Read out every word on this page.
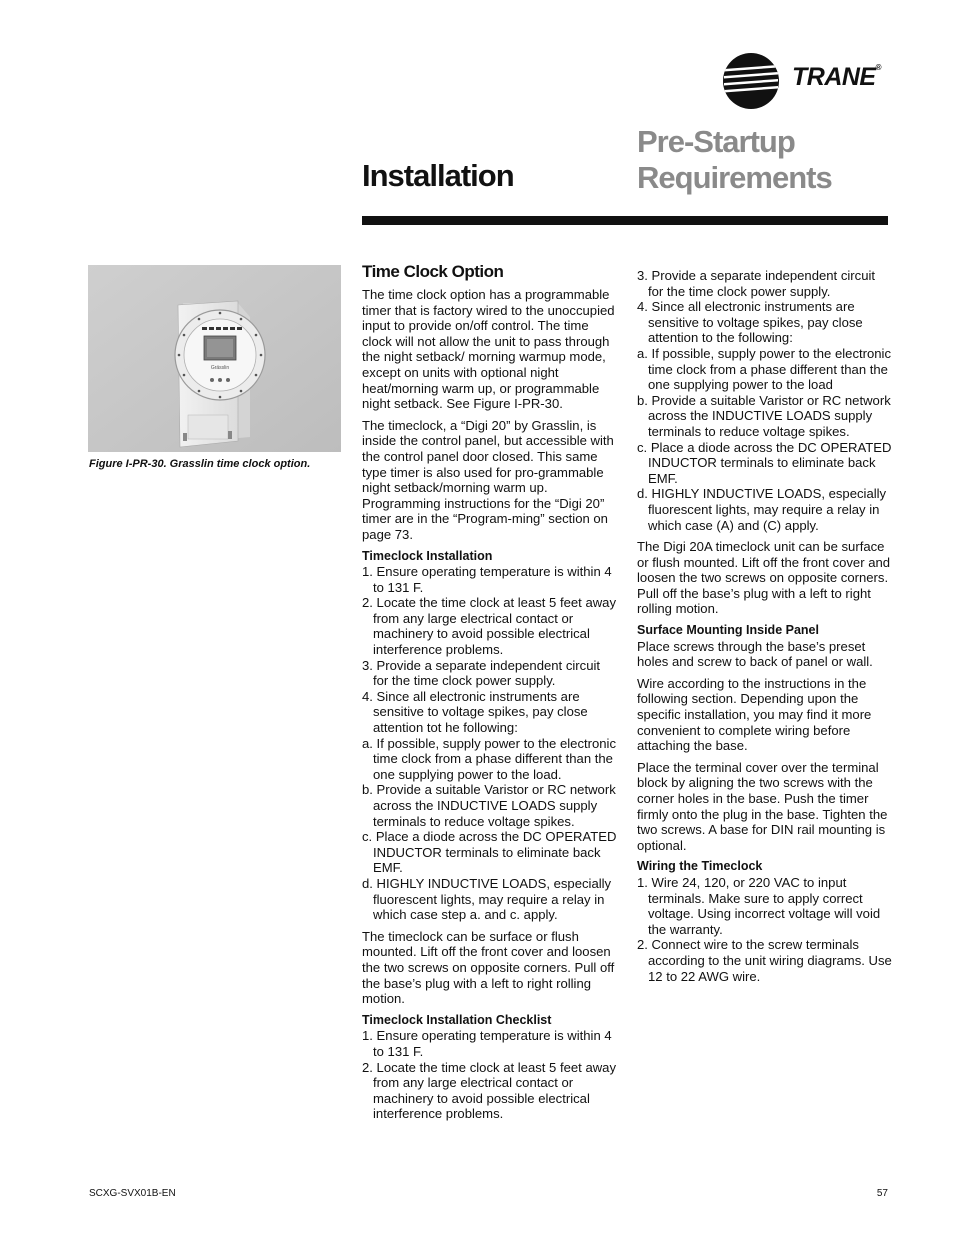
TRANE®
Installation
Pre-Startup
Requirements
Grässlin
Figure I-PR-30. Grasslin time clock option.
Time Clock Option

The time clock option has a programmable timer that is factory wired to the unoccupied input to provide on/off control. The time clock will not allow the unit to pass through the night setback/ morning warmup mode, except on units with optional night heat/morning warm up, or programmable night setback. See Figure I-PR-30.

The timeclock, a “Digi 20” by Grasslin, is inside the control panel, but accessible with the control panel door closed. This same type timer is also used for pro-grammable night setback/morning warm up. Programming instructions for the “Digi 20” timer are in the “Program-ming” section on page 73.

Timeclock Installation
1. Ensure operating temperature is within 4 to 131 F.
2. Locate the time clock at least 5 feet away from any large electrical contact or machinery to avoid possible electrical interference problems.
3. Provide a separate independent circuit for the time clock power supply.
4. Since all electronic instruments are sensitive to voltage spikes, pay close attention tot he following:
a. If possible, supply power to the electronic time clock from a phase different than the one supplying power to the load.
b. Provide a suitable Varistor or RC network across the INDUCTIVE LOADS supply terminals to reduce voltage spikes.
c. Place a diode across the DC OPERATED INDUCTOR terminals to eliminate back EMF.
d. HIGHLY INDUCTIVE LOADS, especially fluorescent lights, may require a relay in which case step a. and c. apply.

The timeclock can be surface or flush mounted. Lift off the front cover and loosen the two screws on opposite corners. Pull off the base’s plug with a left to right rolling motion.

Timeclock Installation Checklist
1. Ensure operating temperature is within 4 to 131 F.
2. Locate the time clock at least 5 feet away from any large electrical contact or machinery to avoid possible electrical interference problems.
3. Provide a separate independent circuit for the time clock power supply.
4. Since all electronic instruments are sensitive to voltage spikes, pay close attention to the following:
a. If possible, supply power to the electronic time clock from a phase different than the one supplying power to the load
b. Provide a suitable Varistor or RC network across the INDUCTIVE LOADS supply terminals to reduce voltage spikes.
c. Place a diode across the DC OPERATED INDUCTOR terminals to eliminate back EMF.
d. HIGHLY INDUCTIVE LOADS, especially fluorescent lights, may require a relay in which case (A) and (C) apply.

The Digi 20A timeclock unit can be surface or flush mounted. Lift off the front cover and loosen the two screws on opposite corners. Pull off the base’s plug with a left to right rolling motion.

Surface Mounting Inside Panel

Place screws through the base’s preset holes and screw to back of panel or wall.

Wire according to the instructions in the following section. Depending upon the specific installation, you may find it more convenient to complete wiring before attaching the base.

Place the terminal cover over the terminal block by aligning the two screws with the corner holes in the base. Push the timer firmly onto the plug in the base. Tighten the two screws. A base for DIN rail mounting is optional.

Wiring the Timeclock
1. Wire 24, 120, or 220 VAC to input terminals. Make sure to apply correct voltage. Using incorrect voltage will void the warranty.
2. Connect wire to the screw terminals according to the unit wiring diagrams. Use 12 to 22 AWG wire.
SCXG-SVX01B-EN	57
